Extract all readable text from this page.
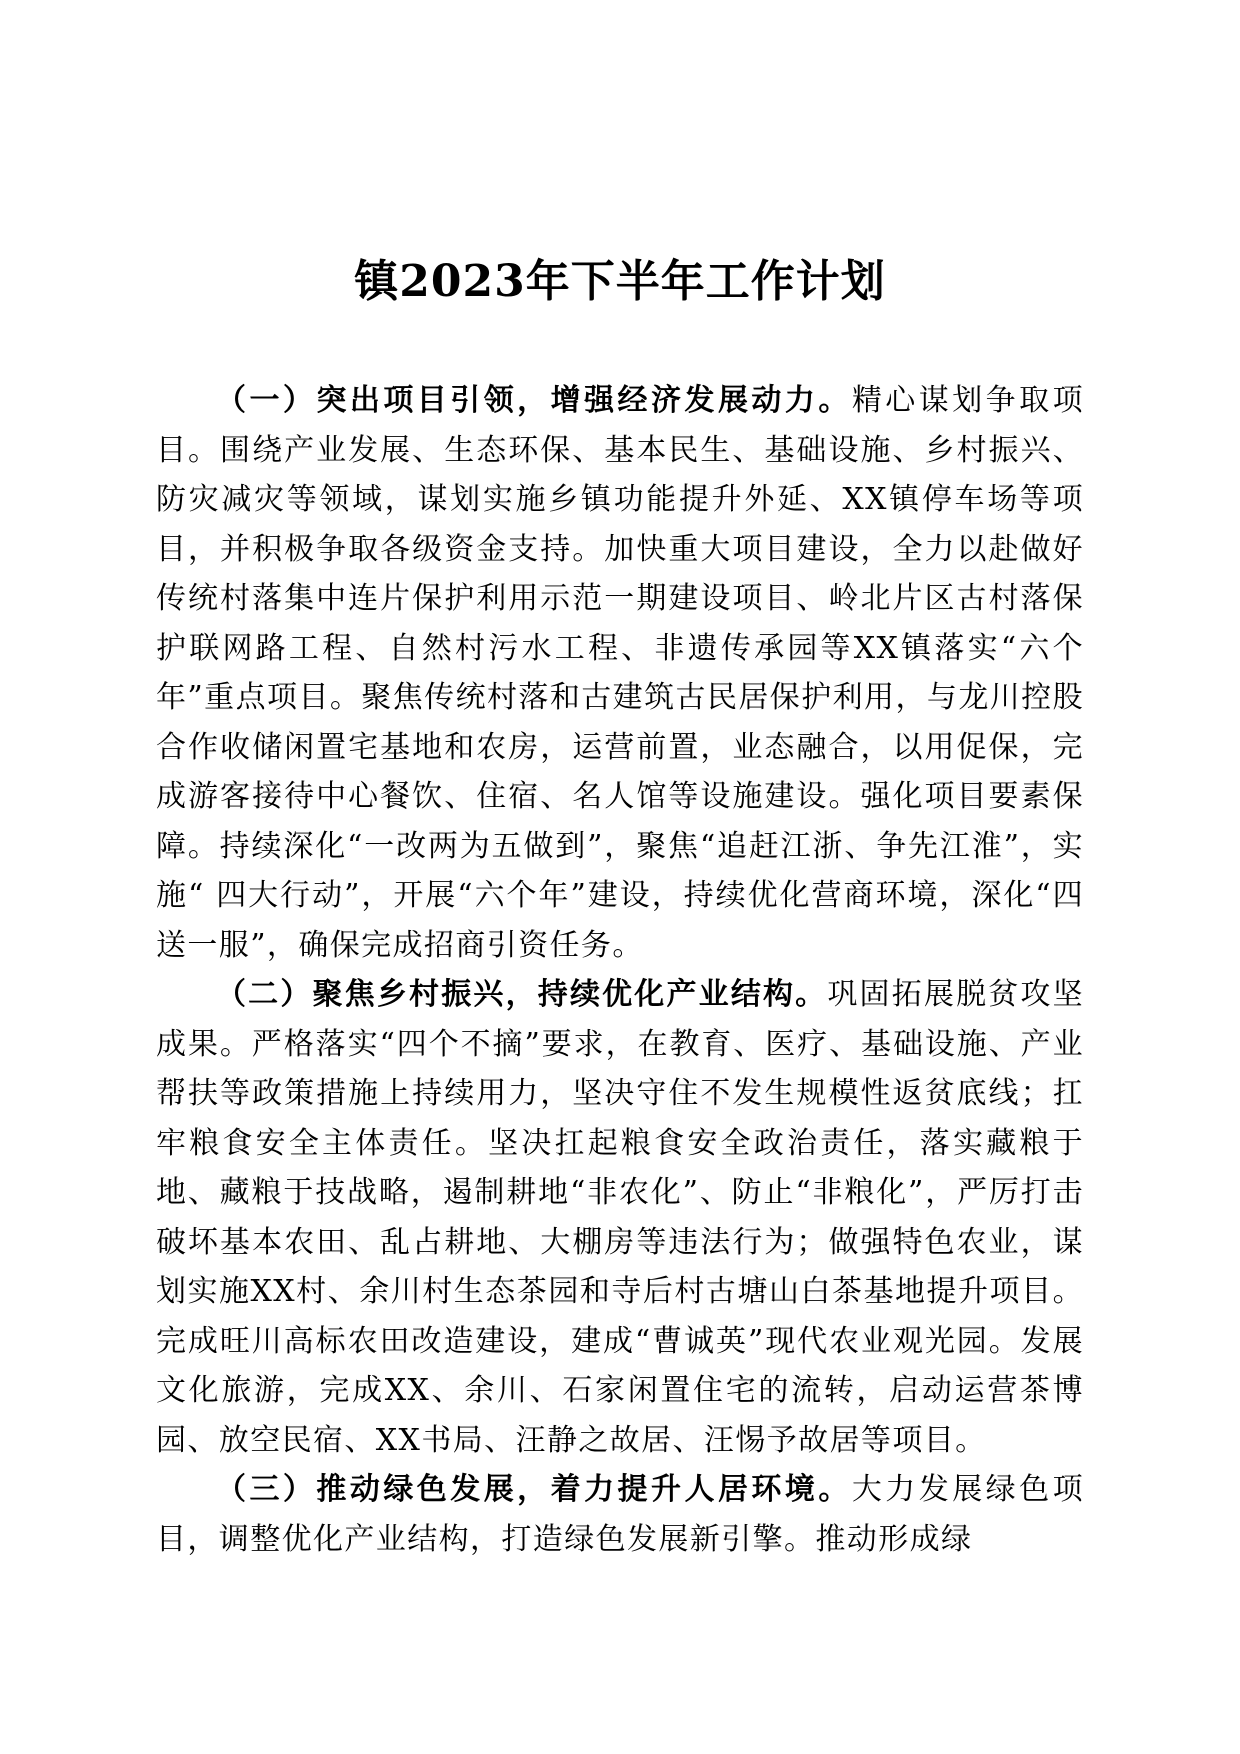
镇2023年下半年工作计划

（一）突出项目引领，增强经济发展动力。精心谋划争取项目。围绕产业发展、生态环保、基本民生、基础设施、乡村振兴、防灾减灾等领域，谋划实施乡镇功能提升外延、XX镇停车场等项目，并积极争取各级资金支持。加快重大项目建设，全力以赴做好传统村落集中连片保护利用示范一期建设项目、岭北片区古村落保护联网路工程、自然村污水工程、非遗传承园等XX镇落实“六个年”重点项目。聚焦传统村落和古建筑古民居保护利用，与龙川控股合作收储闲置宅基地和农房，运营前置，业态融合，以用促保，完成游客接待中心餐饮、住宿、名人馆等设施建设。强化项目要素保障。持续深化“一改两为五做到”，聚焦“追赶江浙、争先江淮”，实施“ 四大行动”，开展“六个年”建设，持续优化营商环境，深化“四送一服”，确保完成招商引资任务。

（二）聚焦乡村振兴，持续优化产业结构。巩固拓展脱贫攻坚成果。严格落实“四个不摘”要求，在教育、医疗、基础设施、产业帮扶等政策措施上持续用力，坚决守住不发生规模性返贫底线；扛牢粮食安全主体责任。坚决扛起粮食安全政治责任，落实藏粮于地、藏粮于技战略，遏制耕地“非农化”、防止“非粮化”，严厉打击破坏基本农田、乱占耕地、大棚房等违法行为；做强特色农业，谋划实施XX村、余川村生态茶园和寺后村古塘山白茶基地提升项目。完成旺川高标农田改造建设，建成“曹诚英”现代农业观光园。发展文化旅游，完成XX、余川、石家闲置住宅的流转，启动运营茶博园、放空民宿、XX书局、汪静之故居、汪惕予故居等项目。

（三）推动绿色发展，着力提升人居环境。大力发展绿色项目，调整优化产业结构，打造绿色发展新引擎。推动形成绿
